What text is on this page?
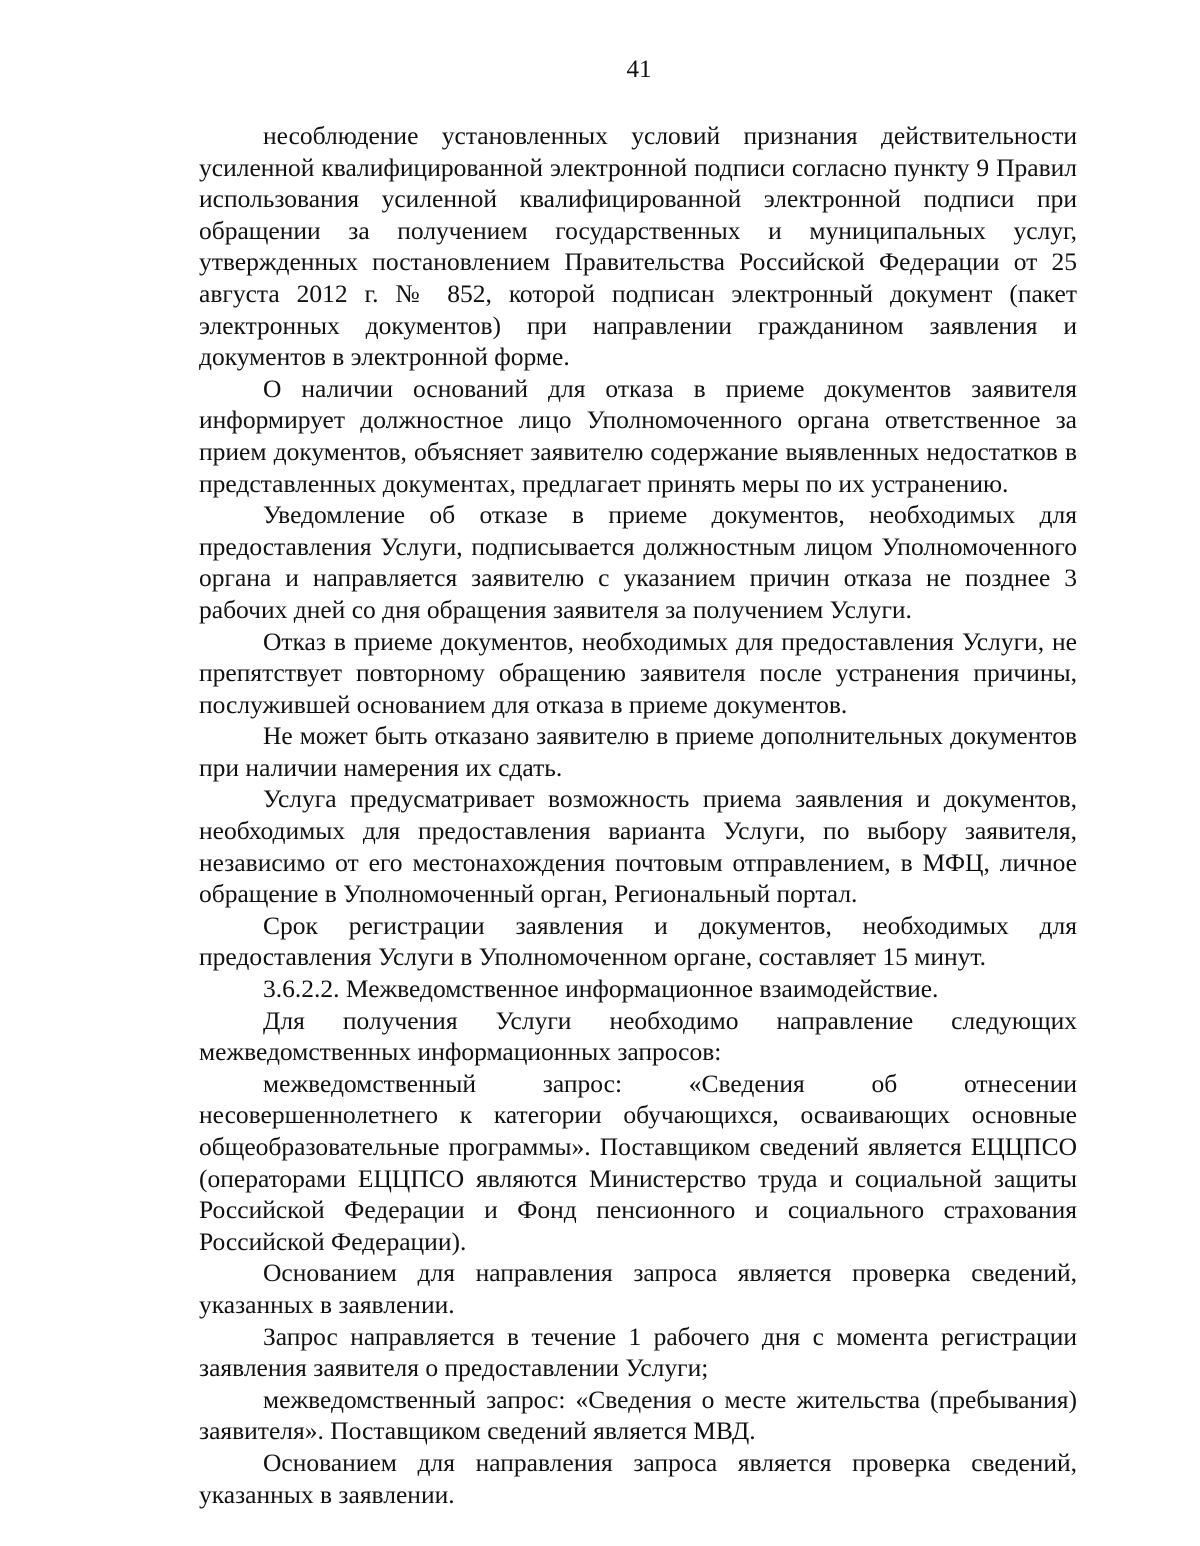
41

несоблюдение установленных условий признания действительности усиленной квалифицированной электронной подписи согласно пункту 9 Правил использования усиленной квалифицированной электронной подписи при обращении за получением государственных и муниципальных услуг, утвержденных постановлением Правительства Российской Федерации от 25 августа 2012 г. № 852, которой подписан электронный документ (пакет электронных документов) при направлении гражданином заявления и документов в электронной форме.

О наличии оснований для отказа в приеме документов заявителя информирует должностное лицо Уполномоченного органа ответственное за прием документов, объясняет заявителю содержание выявленных недостатков в представленных документах, предлагает принять меры по их устранению.

Уведомление об отказе в приеме документов, необходимых для предоставления Услуги, подписывается должностным лицом Уполномоченного органа и направляется заявителю с указанием причин отказа не позднее 3 рабочих дней со дня обращения заявителя за получением Услуги.

Отказ в приеме документов, необходимых для предоставления Услуги, не препятствует повторному обращению заявителя после устранения причины, послужившей основанием для отказа в приеме документов.

Не может быть отказано заявителю в приеме дополнительных документов при наличии намерения их сдать.

Услуга предусматривает возможность приема заявления и документов, необходимых для предоставления варианта Услуги, по выбору заявителя, независимо от его местонахождения почтовым отправлением, в МФЦ, личное обращение в Уполномоченный орган, Региональный портал.

Срок регистрации заявления и документов, необходимых для предоставления Услуги в Уполномоченном органе, составляет 15 минут.

3.6.2.2. Межведомственное информационное взаимодействие.

Для получения Услуги необходимо направление следующих межведомственных информационных запросов:

межведомственный запрос: «Сведения об отнесении несовершеннолетнего к категории обучающихся, осваивающих основные общеобразовательные программы». Поставщиком сведений является ЕЦЦПСО (операторами ЕЦЦПСО являются Министерство труда и социальной защиты Российской Федерации и Фонд пенсионного и социального страхования Российской Федерации).

Основанием для направления запроса является проверка сведений, указанных в заявлении.

Запрос направляется в течение 1 рабочего дня с момента регистрации заявления заявителя о предоставлении Услуги;

межведомственный запрос: «Сведения о месте жительства (пребывания) заявителя». Поставщиком сведений является МВД.

Основанием для направления запроса является проверка сведений, указанных в заявлении.
